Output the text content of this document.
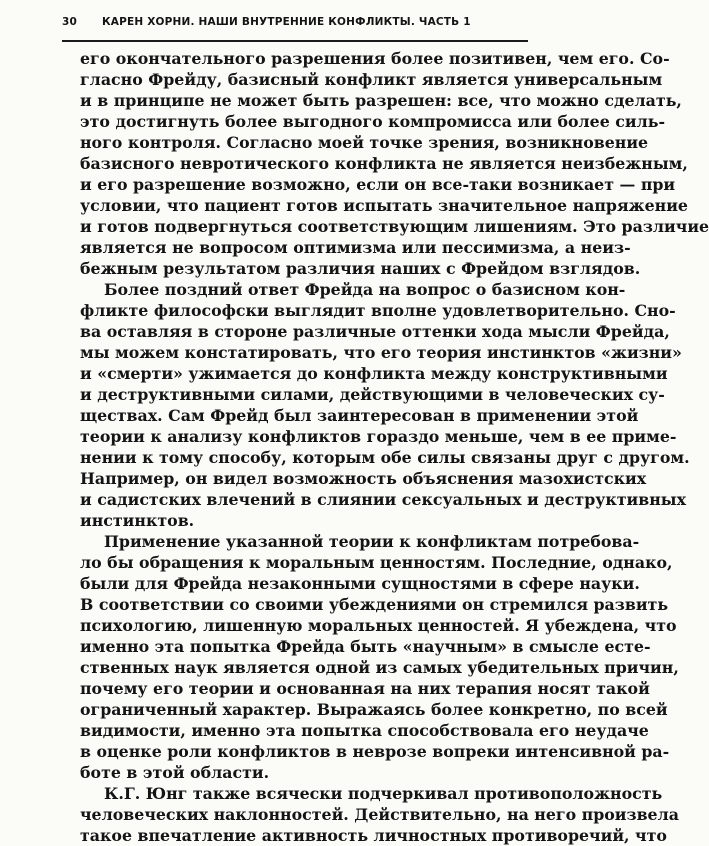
30 КАРЕН ХОРНИ. НАШИ ВНУТРЕННИЕ КОНФЛИКТЫ. ЧАСТЬ 1
его окончательного разрешения более позитивен, чем его. Со-
гласно Фрейду, базисный конфликт является универсальным
и в принципе не может быть разрешен: все, что можно сделать,
это достигнуть более выгодного компромисса или более силь-
ного контроля. Согласно моей точке зрения, возникновение
базисного невротического конфликта не является неизбежным,
и его разрешение возможно, если он все-таки возникает — при
условии, что пациент готов испытать значительное напряжение
и готов подвергнуться соответствующим лишениям. Это различие
является не вопросом оптимизма или пессимизма, а неиз-
бежным результатом различия наших с Фрейдом взглядов.
Более поздний ответ Фрейда на вопрос о базисном кон-
фликте философски выглядит вполне удовлетворительно. Сно-
ва оставляя в стороне различные оттенки хода мысли Фрейда,
мы можем констатировать, что его теория инстинктов «жизни»
и «смерти» ужимается до конфликта между конструктивными
и деструктивными силами, действующими в человеческих су-
ществах. Сам Фрейд был заинтересован в применении этой
теории к анализу конфликтов гораздо меньше, чем в ее приме-
нении к тому способу, которым обе силы связаны друг с другом.
Например, он видел возможность объяснения мазохистских
и садистских влечений в слиянии сексуальных и деструктивных
инстинктов.
Применение указанной теории к конфликтам потребова-
ло бы обращения к моральным ценностям. Последние, однако,
были для Фрейда незаконными сущностями в сфере науки.
В соответствии со своими убеждениями он стремился развить
психологию, лишенную моральных ценностей. Я убеждена, что
именно эта попытка Фрейда быть «научным» в смысле есте-
ственных наук является одной из самых убедительных причин,
почему его теории и основанная на них терапия носят такой
ограниченный характер. Выражаясь более конкретно, по всей
видимости, именно эта попытка способствовала его неудаче
в оценке роли конфликтов в неврозе вопреки интенсивной ра-
боте в этой области.
К.Г. Юнг также всячески подчеркивал противоположность
человеческих наклонностей. Действительно, на него произвела
такое впечатление активность личностных противоречий, что
